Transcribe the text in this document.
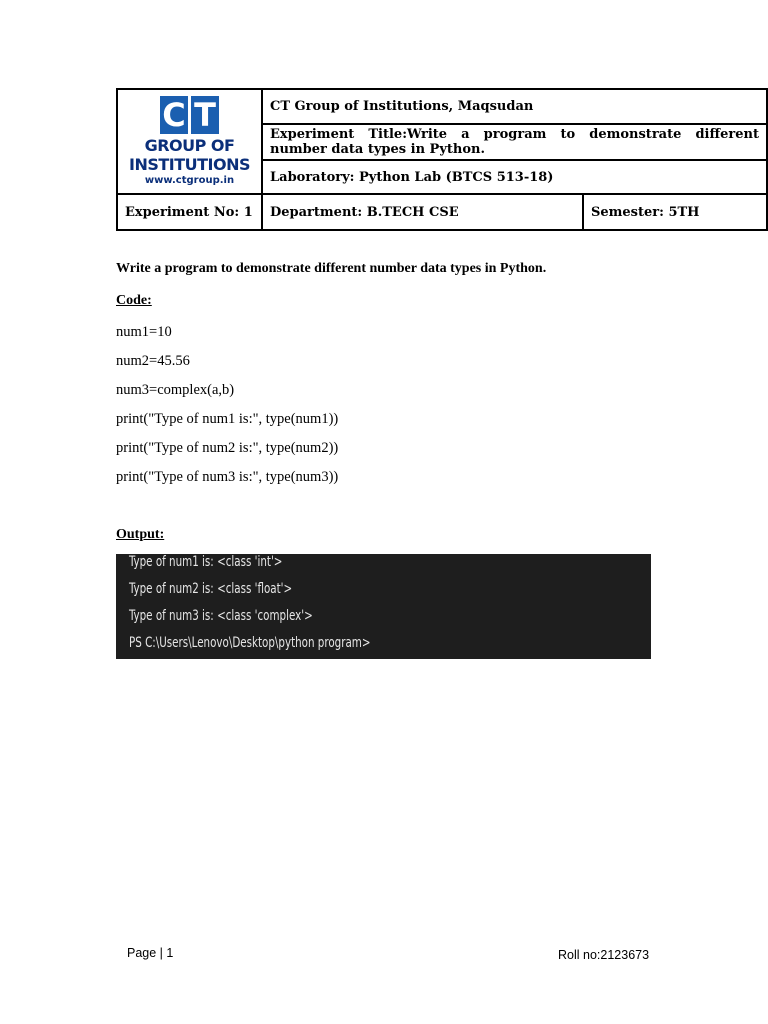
C T
GROUP OF
INSTITUTIONS
www.ctgroup.in	CT Group of Institutions, Maqsudan	
	Experiment Title:Write a program to demonstrate different number data types in Python.	
	Laboratory: Python Lab (BTCS 513-18)	
Experiment No: 1	Department: B.TECH CSE	Semester: 5TH
Write a program to demonstrate different number data types in Python.
Code:
num1=10
num2=45.56
num3=complex(a,b)
print("Type of num1 is:", type(num1))
print("Type of num2 is:", type(num2))
print("Type of num3 is:", type(num3))
Output:
Type of num1 is: <class 'int'>
Type of num2 is: <class 'float'>
Type of num3 is: <class 'complex'>
PS C:\Users\Lenovo\Desktop\python program>
Page | 1	Roll no:2123673
